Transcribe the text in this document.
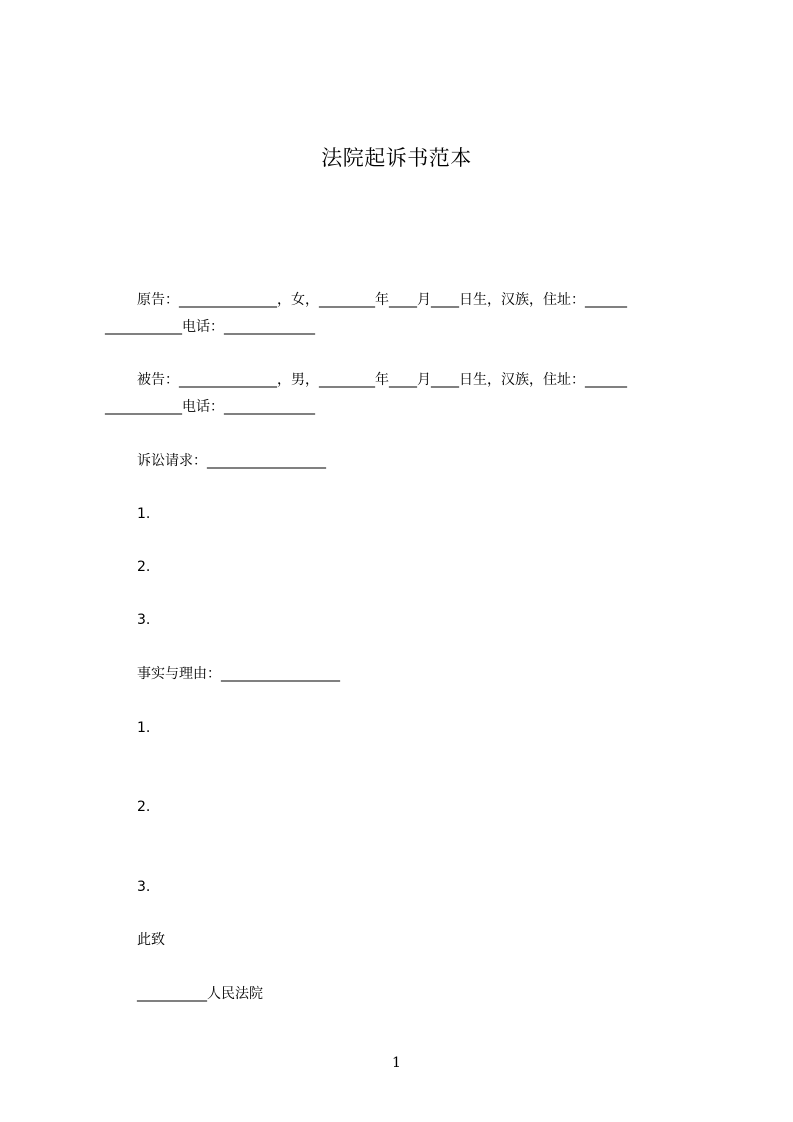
法院起诉书范本
原告：______________，女，________年____月____日生，汉族，住址：______
___________电话：_____________
被告：______________，男，________年____月____日生，汉族，住址：______
___________电话：_____________
诉讼请求：_________________
1.
2.
3.
事实与理由：_________________
1.
2.
3.
此致
__________人民法院
1
